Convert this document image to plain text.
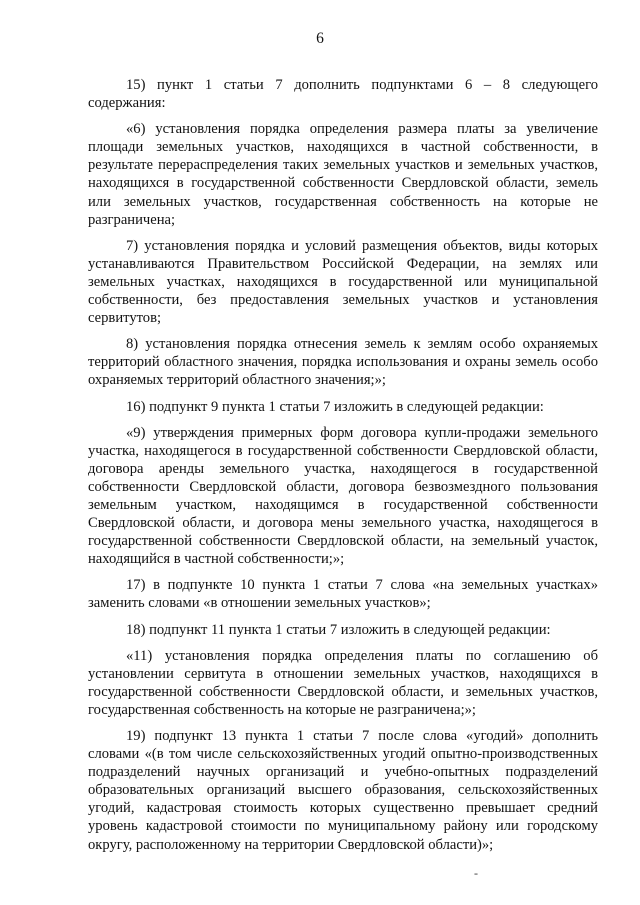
6

15) пункт 1 статьи 7 дополнить подпунктами 6 – 8 следующего содержания:

«6) установления порядка определения размера платы за увеличение площади земельных участков, находящихся в частной собственности, в результате перераспределения таких земельных участков и земельных участков, находящихся в государственной собственности Свердловской области, земель или земельных участков, государственная собственность на которые не разграничена;

7) установления порядка и условий размещения объектов, виды которых устанавливаются Правительством Российской Федерации, на землях или земельных участках, находящихся в государственной или муниципальной собственности, без предоставления земельных участков и установления сервитутов;

8) установления порядка отнесения земель к землям особо охраняемых территорий областного значения, порядка использования и охраны земель особо охраняемых территорий областного значения;»;

16) подпункт 9 пункта 1 статьи 7 изложить в следующей редакции:

«9) утверждения примерных форм договора купли-продажи земельного участка, находящегося в государственной собственности Свердловской области, договора аренды земельного участка, находящегося в государственной собственности Свердловской области, договора безвозмездного пользования земельным участком, находящимся в государственной собственности Свердловской области, и договора мены земельного участка, находящегося в государственной собственности Свердловской области, на земельный участок, находящийся в частной собственности;»;

17) в подпункте 10 пункта 1 статьи 7 слова «на земельных участках» заменить словами «в отношении земельных участков»;

18) подпункт 11 пункта 1 статьи 7 изложить в следующей редакции:

«11) установления порядка определения платы по соглашению об установлении сервитута в отношении земельных участков, находящихся в государственной собственности Свердловской области, и земельных участков, государственная собственность на которые не разграничена;»;

19) подпункт 13 пункта 1 статьи 7 после слова «угодий» дополнить словами «(в том числе сельскохозяйственных угодий опытно-производственных подразделений научных организаций и учебно-опытных подразделений образовательных организаций высшего образования, сельскохозяйственных угодий, кадастровая стоимость которых существенно превышает средний уровень кадастровой стоимости по муниципальному району или городскому округу, расположенному на территории Свердловской области)»;

-
